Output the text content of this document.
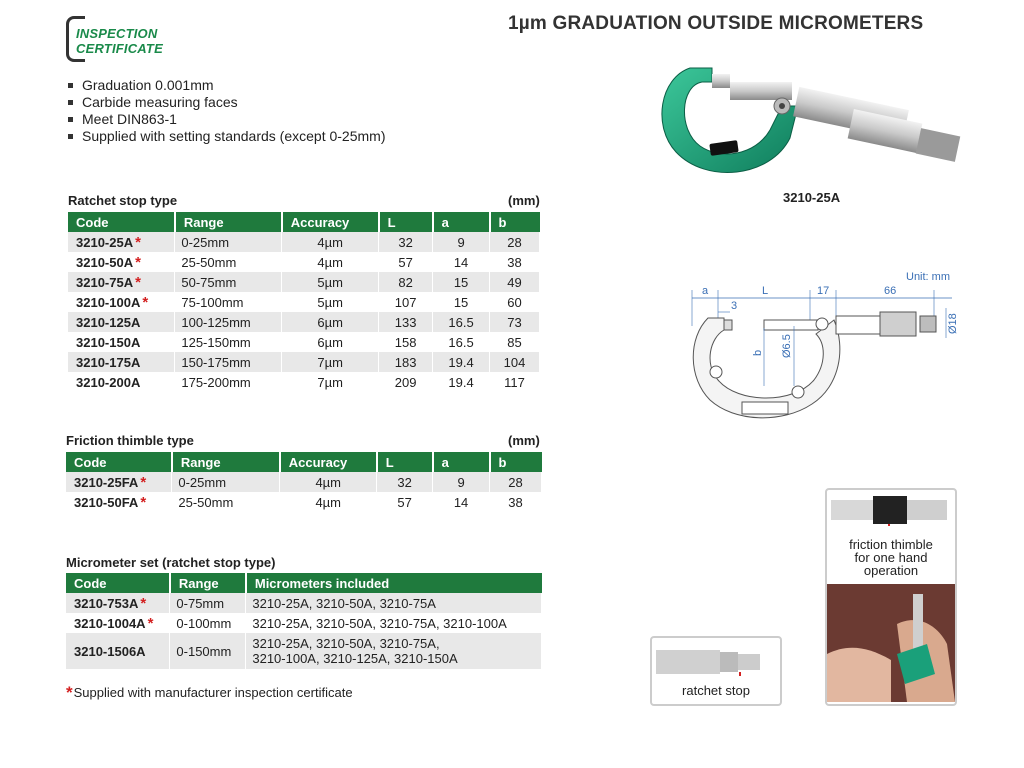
INSPECTION
CERTIFICATE
1µm GRADUATION OUTSIDE MICROMETERS
Graduation 0.001mm
Carbide measuring faces
Meet DIN863-1
Supplied with setting standards (except 0-25mm)
Ratchet stop type	(mm)
Code	Range	Accuracy	L	a	b
3210-25A *	0-25mm	4µm	32	9	28
3210-50A *	25-50mm	4µm	57	14	38
3210-75A *	50-75mm	5µm	82	15	49
3210-100A *	75-100mm	5µm	107	15	60
3210-125A	100-125mm	6µm	133	16.5	73
3210-150A	125-150mm	6µm	158	16.5	85
3210-175A	150-175mm	7µm	183	19.4	104
3210-200A	175-200mm	7µm	209	19.4	117
Friction thimble type	(mm)
Code	Range	Accuracy	L	a	b
3210-25FA *	0-25mm	4µm	32	9	28
3210-50FA *	25-50mm	4µm	57	14	38
Micrometer set (ratchet stop type)
Code	Range	Micrometers included
3210-753A *	0-75mm	3210-25A, 3210-50A, 3210-75A

3210-1004A *	0-100mm	3210-25A, 3210-50A, 3210-75A, 3210-100A

3210-1506A	0-150mm	3210-25A, 3210-50A, 3210-75A,
3210-100A, 3210-125A, 3210-150A
*Supplied with manufacturer inspection certificate
3210-25A
Unit: mm
a	L	17	66
3
b Ø6.5
Ø18
friction thimble
for one hand
operation
ratchet stop
